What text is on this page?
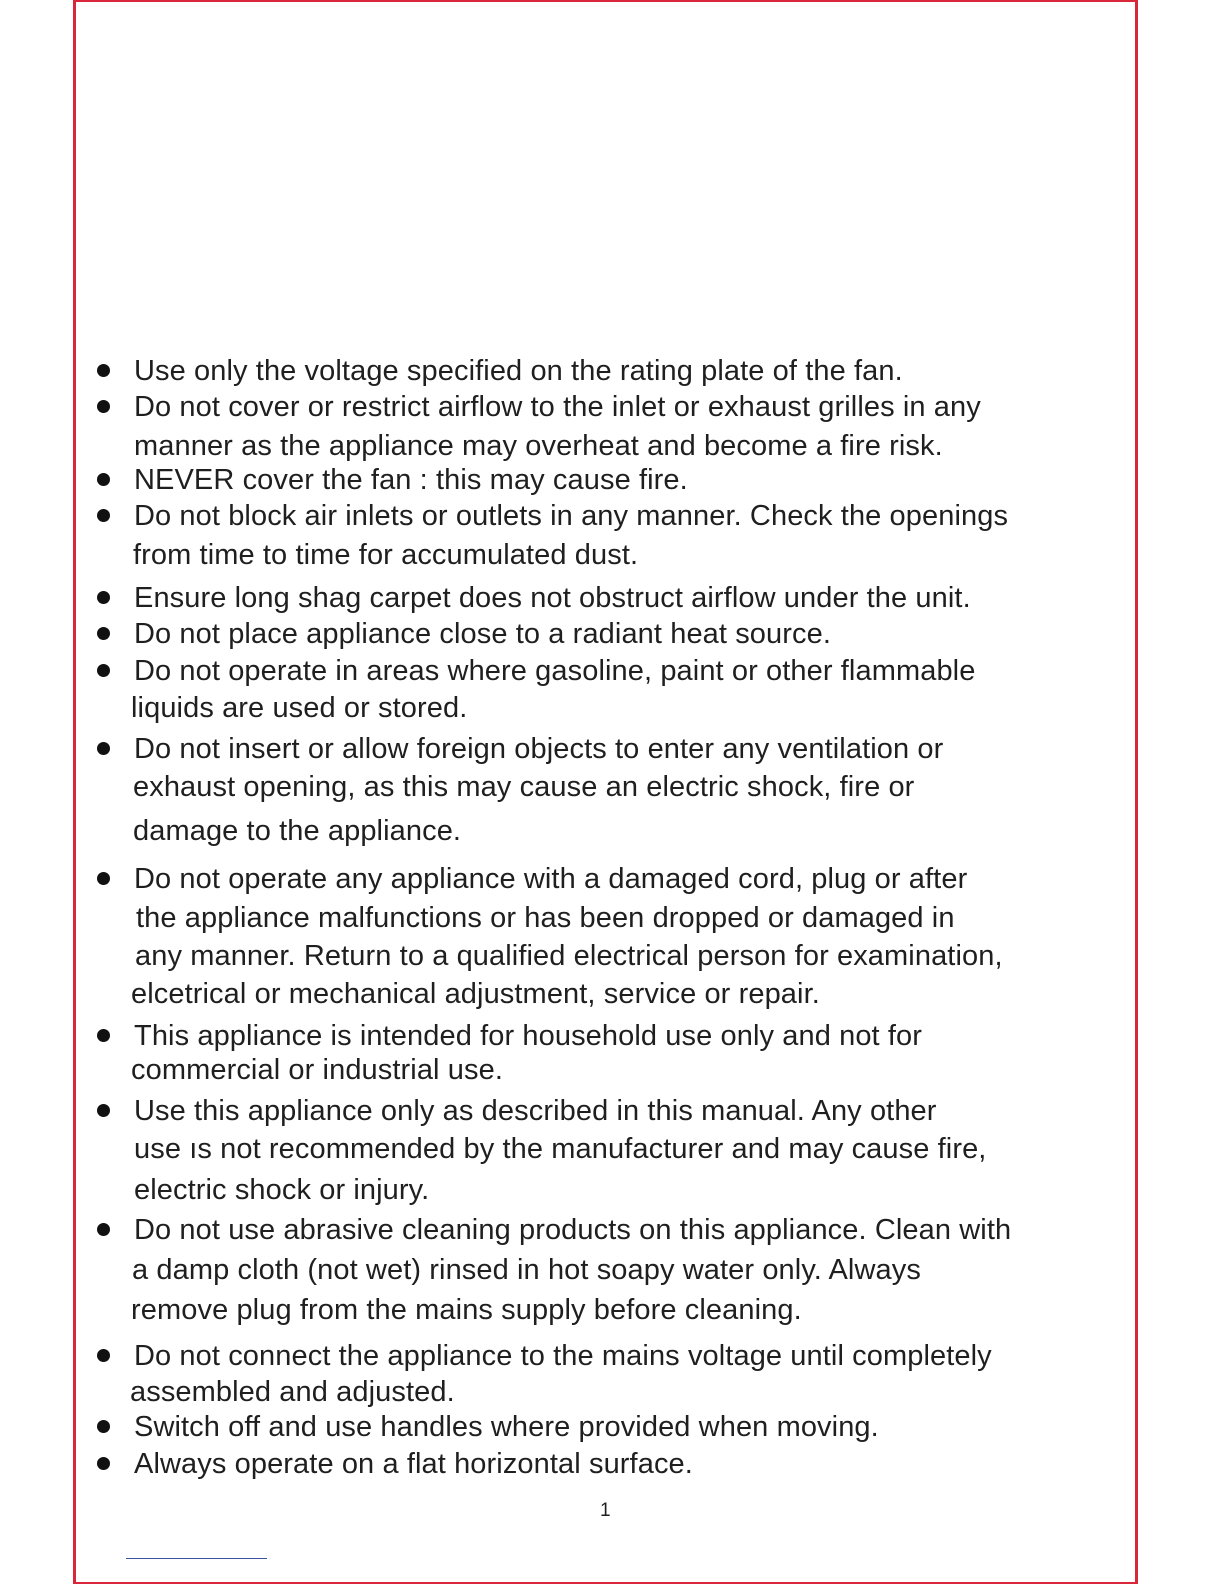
Use only the voltage specified on the rating plate of the fan.
Do not cover or restrict airflow to the inlet or exhaust grilles in any
manner as the appliance may overheat and become a fire risk.
NEVER cover the fan : this may cause fire.
Do not block air inlets or outlets in any manner. Check the openings
from time to time for accumulated dust.
Ensure long shag carpet does not obstruct airflow under the unit.
Do not place appliance close to a radiant heat source.
Do not operate in areas where gasoline, paint or other flammable
liquids are used or stored.
Do not insert or allow foreign objects to enter any ventilation or
exhaust opening, as this may cause an electric shock, fire or
damage to the appliance.
Do not operate any appliance with a damaged cord, plug or after
the appliance malfunctions or has been dropped or damaged in
any manner. Return to a qualified electrical person for examination,
elcetrical or mechanical adjustment, service or repair.
This appliance is intended for household use only and not for
commercial or industrial use.
Use this appliance only as described in this manual. Any other
use ıs not recommended by the manufacturer and may cause fire,
electric shock or injury.
Do not use abrasive cleaning products on this appliance. Clean with
a damp cloth (not wet) rinsed in hot soapy water only. Always
remove plug from the mains supply before cleaning.
Do not connect the appliance to the mains voltage until completely
assembled and adjusted.
Switch off and use handles where provided when moving.
Always operate on a flat horizontal surface.
1
